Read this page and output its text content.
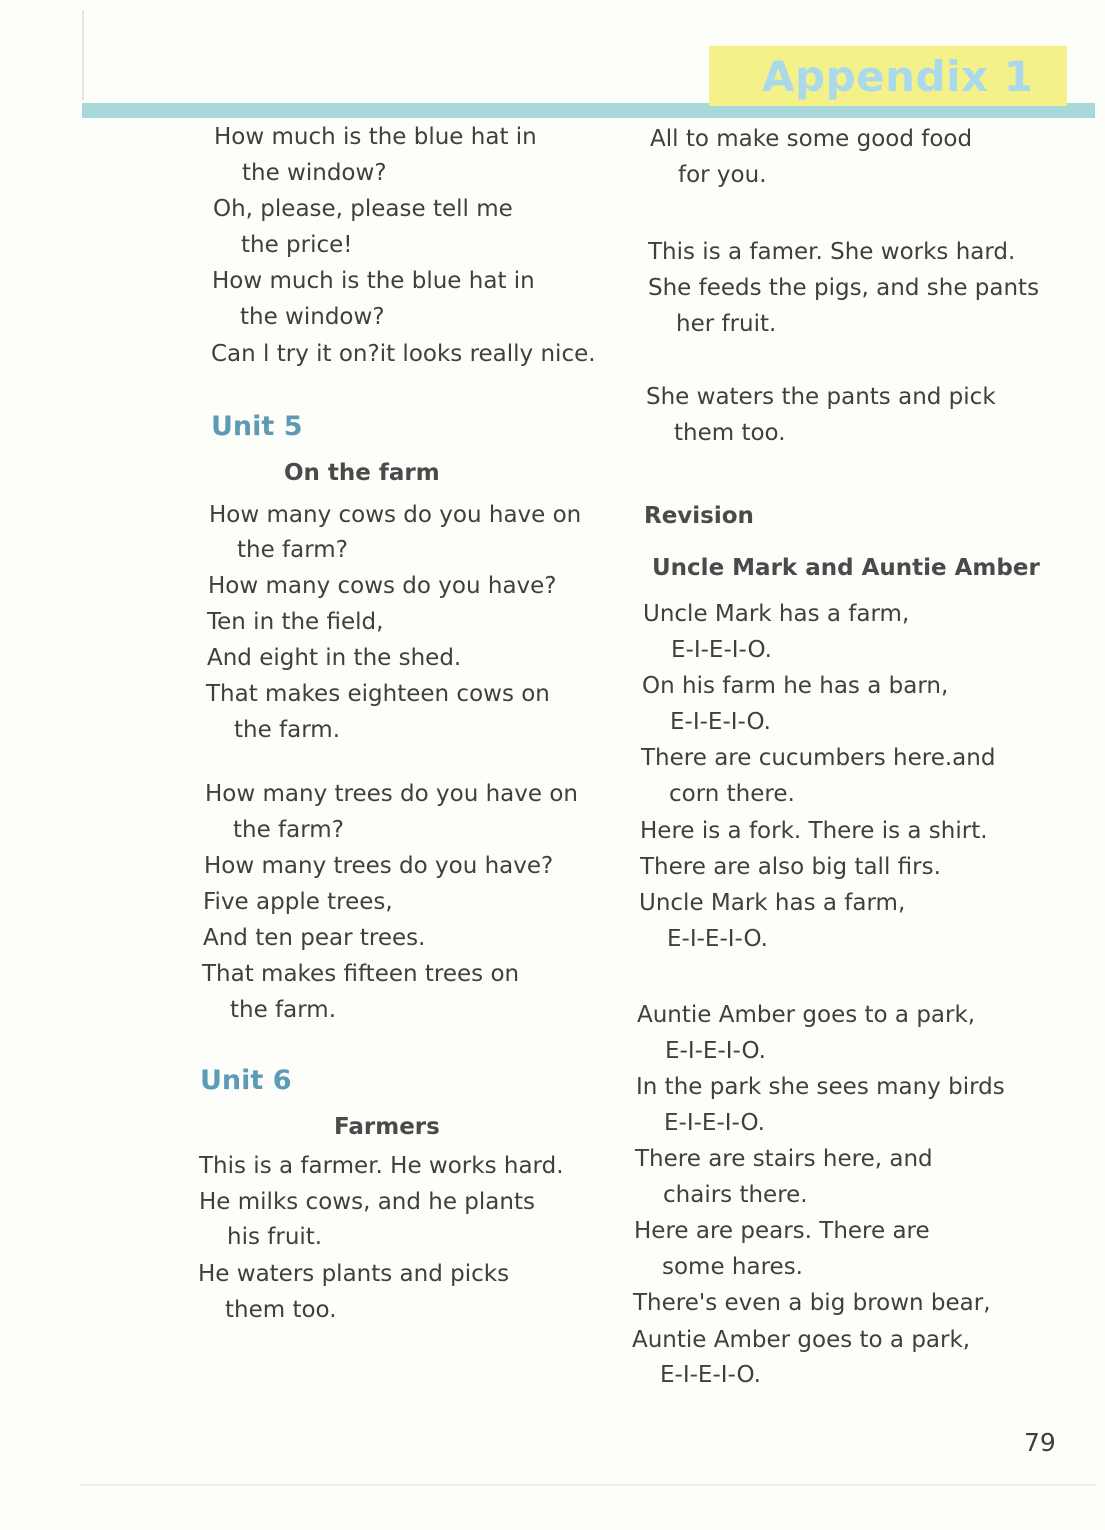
Appendix 1
How much is the blue hat in
the window?
Oh, please, please tell me
the price!
How much is the blue hat in
the window?
Can l try it on?it looks really nice.
Unit 5
On the farm
How many cows do you have on
the farm?
How many cows do you have?
Ten in the field,
And eight in the shed.
That makes eighteen cows on
the farm.
How many trees do you have on
the farm?
How many trees do you have?
Five apple trees,
And ten pear trees.
That makes fifteen trees on
the farm.
Unit 6
Farmers
This is a farmer. He works hard.
He milks cows, and he plants
his fruit.
He waters plants and picks
them too.
All to make some good food
for you.
This is a famer. She works hard.
She feeds the pigs, and she pants
her fruit.
She waters the pants and pick
them too.
Revision
Uncle Mark and Auntie Amber
Uncle Mark has a farm,
E-I-E-I-O.
On his farm he has a barn,
E-I-E-I-O.
There are cucumbers here.and
corn there.
Here is a fork. There is a shirt.
There are also big tall firs.
Uncle Mark has a farm,
E-I-E-I-O.
Auntie Amber goes to a park,
E-I-E-I-O.
In the park she sees many birds
E-I-E-I-O.
There are stairs here, and
chairs there.
Here are pears. There are
some hares.
There's even a big brown bear,
Auntie Amber goes to a park,
E-I-E-I-O.
79
